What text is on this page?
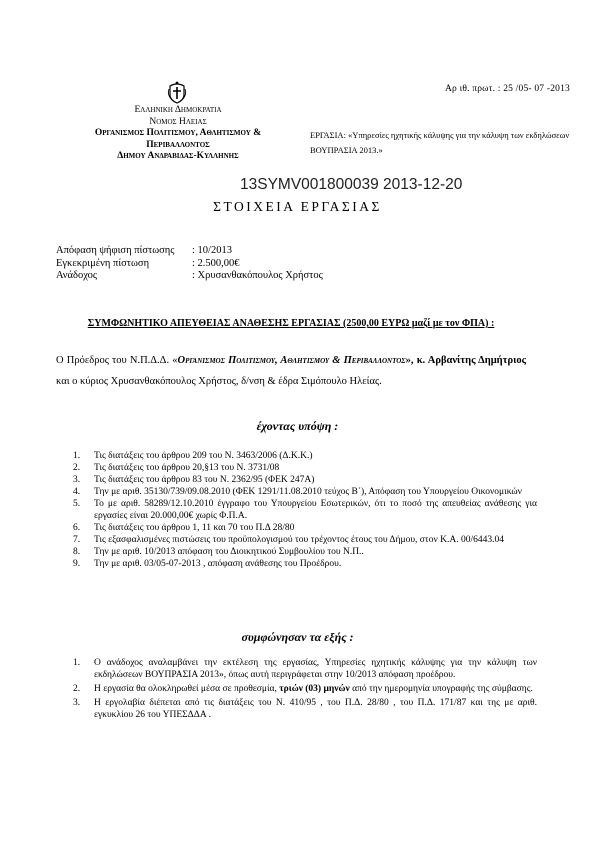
Αρ ιθ. πρωτ. : 25 /05- 07 -2013
Ελληνικη Δημοκρατια
Νομος Ηλειας
Οργανισμος Πολιτισμου, Αθλητισμου &
Περιβαλλοντος
Δημου Ανδραβιδας-Κυλληνης
ΕΡΓΑΣΙΑ: «Υπηρεσίες ηχητικής κάλυψης για την κάλυψη των εκδηλώσεων ΒΟΥΠΡΑΣΙΑ 2013.»
13SYMV001800039 2013-12-20
ΣΤΟΙΧΕΙΑ ΕΡΓΑΣΙΑΣ
Απόφαση ψήφιση πίστωσης	: 10/2013
Εγκεκριμένη πίστωση	: 2.500,00€
Ανάδοχος	: Χρυσανθακόπουλος Χρήστος
ΣΥΜΦΩΝΗΤΙΚΟ ΑΠΕΥΘΕΙΑΣ ΑΝΑΘΕΣΗΣ ΕΡΓΑΣΙΑΣ (2500,00 ΕΥΡΩ μαζί με τον ΦΠΑ) :
Ο Πρόεδρος του Ν.Π.Δ.Δ. «Οργανισμος Πολιτισμου, Αθλητισμου & Περιβαλλοντος», κ. Αρβανίτης Δημήτριος και ο κύριος Χρυσανθακόπουλος Χρήστος, δ/νση & έδρα Σιμόπουλο Ηλείας.
έχοντας υπόψη :
1.	Τις διατάξεις του άρθρου 209 του Ν. 3463/2006 (Δ.Κ.Κ.)
2.	Τις διατάξεις του άρθρου 20,§13 του Ν. 3731/08
3.	Τις διατάξεις του άρθρου 83 του Ν. 2362/95 (ΦΕΚ 247Α)
4.	Την με αριθ. 35130/739/09.08.2010 (ΦΕΚ 1291/11.08.2010 τεύχος Β΄), Απόφαση του Υπουργείου Οικονομικών
5.	Το με αριθ. 58289/12.10.2010 έγγραφο του Υπουργείου Εσωτερικών, ότι το ποσό της απευθείας ανάθεσης για εργασίες είναι 20.000,00€ χωρίς Φ.Π.Α.
6.	Τις διατάξεις του άρθρου 1, 11 και 70 του Π.Δ 28/80
7.	Τις εξασφαλισμένες πιστώσεις του προϋπολογισμού του τρέχοντος έτους του Δήμου, στον Κ.Α. 00/6443.04
8.	Την με αριθ. 10/2013 απόφαση του Διοικητικού Συμβουλίου του Ν.Π..
9.	Την με αριθ. 03/05-07-2013 , απόφαση ανάθεσης του Προέδρου.
συμφώνησαν τα εξής :
1.	Ο ανάδοχος αναλαμβάνει την εκτέλεση της εργασίας, Υπηρεσίες ηχητικής κάλυψης για την κάλυψη των εκδηλώσεων ΒΟΥΠΡΑΣΙΑ 2013», όπως αυτή περιγράφεται στην 10/2013 απόφαση προέδρου.
2.	Η εργασία θα ολοκληρωθεί μέσα σε προθεσμία, τριών (03) μηνών από την ημερομηνία υπογραφής της σύμβασης.
3.	Η εργολαβία διέπεται από τις διατάξεις του Ν. 410/95 , του Π.Δ. 28/80 , του Π.Δ. 171/87 και της με αριθ. εγκυκλίου 26 του ΥΠΕΣΔΔΑ .
